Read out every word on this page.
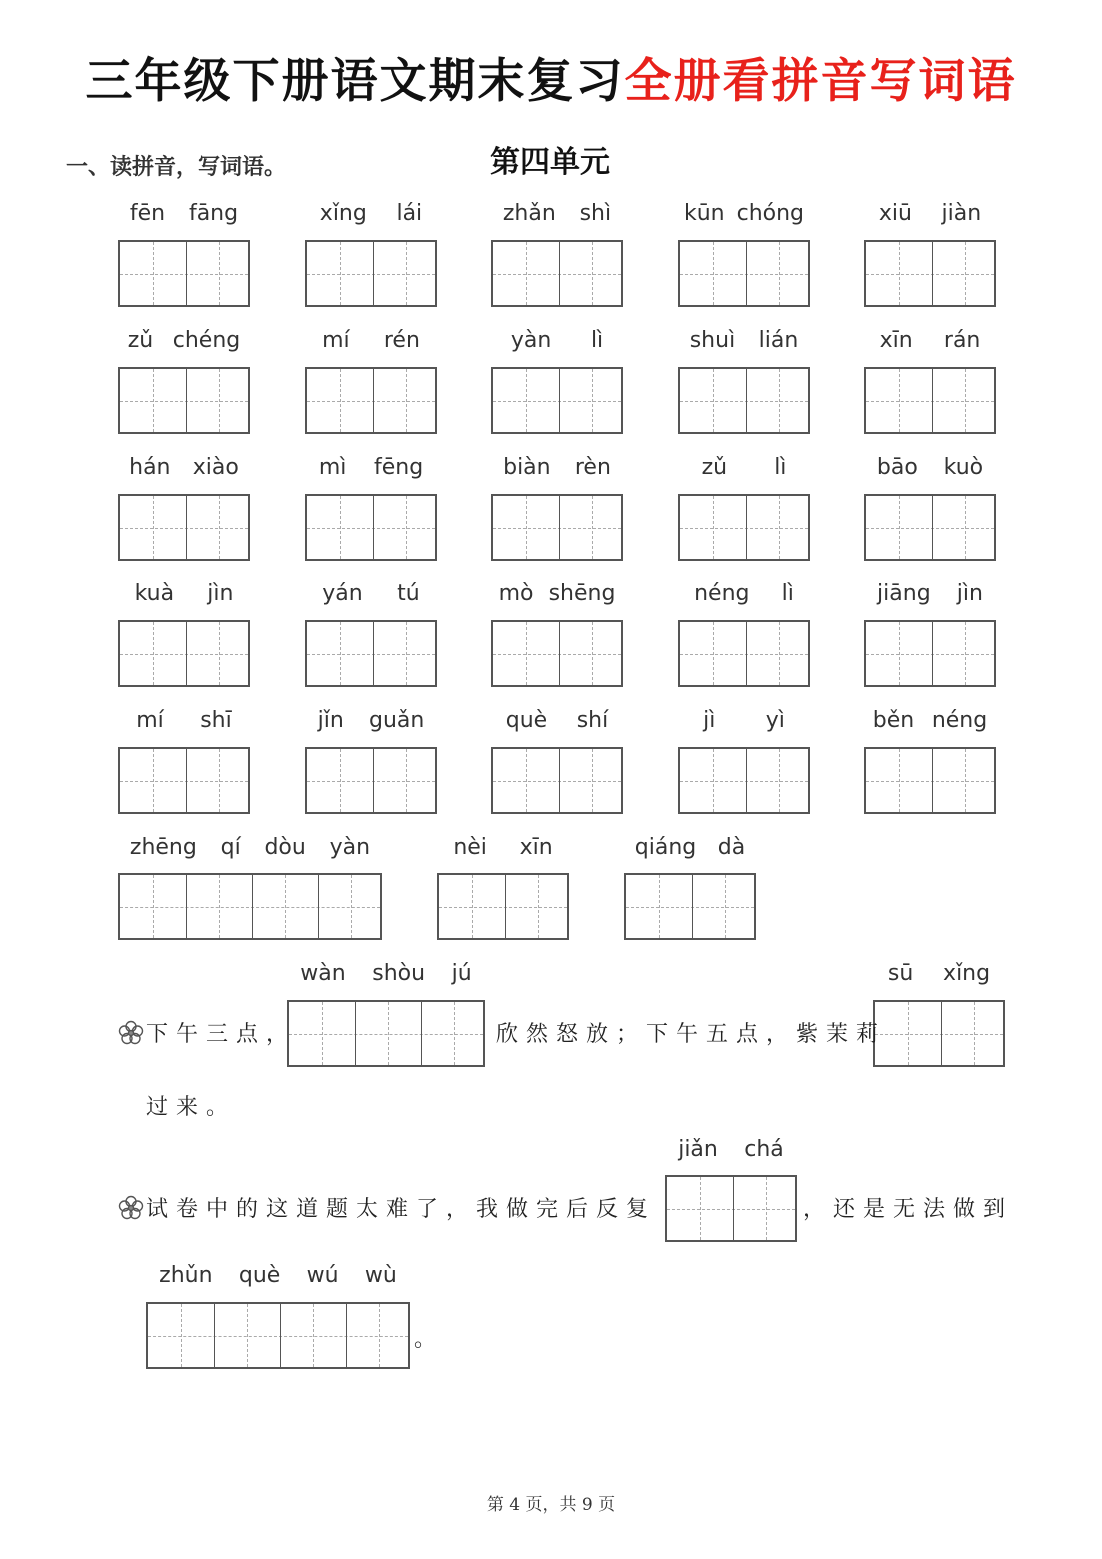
三年级下册语文期末复习全册看拼音写词语
一、读拼音，写词语。	第四单元
fēn fāng	xǐng lái	zhǎn shì	kūn chóng	xiū jiàn
zǔ chéng	mí rén	yàn lì	shuì lián	xīn rán
hán xiào	mì fēng	biàn rèn	zǔ lì	bāo kuò
kuà jìn	yán tú	mò shēng	néng lì	jiāng jìn
mí shī	jǐn guǎn	què shí	jì yì	běn néng
zhēng qí dòu yàn	nèi xīn	qiáng dà
wàn shòu jú	sū xǐng
jiǎn chá
zhǔn què wú wù
下午三点，	欣然怒放；下午五点，紫茉莉
过来。
试卷中的这道题太难了，我做完后反复	，还是无法做到
。
第 4 页，共 9 页
